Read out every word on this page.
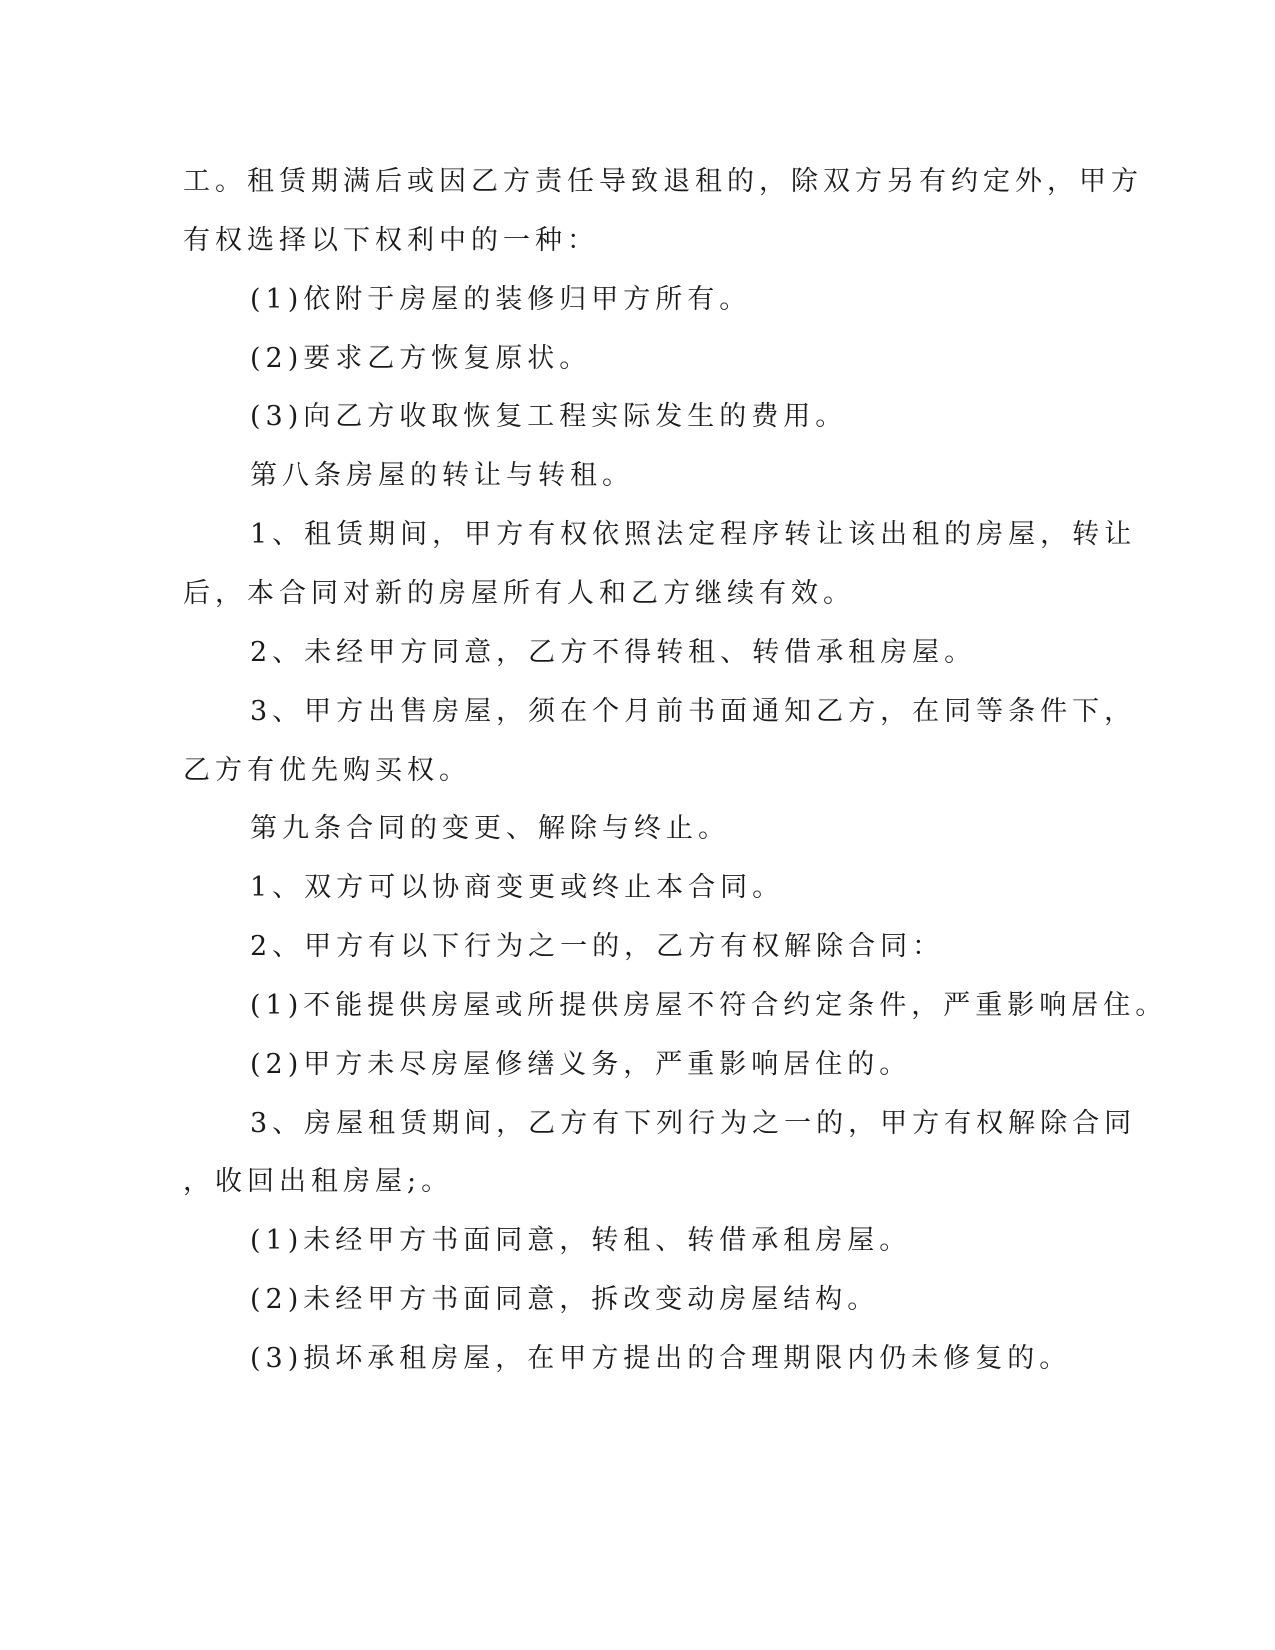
工。租赁期满后或因乙方责任导致退租的，除双方另有约定外，甲方
有权选择以下权利中的一种：
(1)依附于房屋的装修归甲方所有。
(2)要求乙方恢复原状。
(3)向乙方收取恢复工程实际发生的费用。
第八条房屋的转让与转租。
1、租赁期间，甲方有权依照法定程序转让该出租的房屋，转让
后，本合同对新的房屋所有人和乙方继续有效。
2、未经甲方同意，乙方不得转租、转借承租房屋。
3、甲方出售房屋，须在个月前书面通知乙方，在同等条件下，
乙方有优先购买权。
第九条合同的变更、解除与终止。
1、双方可以协商变更或终止本合同。
2、甲方有以下行为之一的，乙方有权解除合同：
(1)不能提供房屋或所提供房屋不符合约定条件，严重影响居住。
(2)甲方未尽房屋修缮义务，严重影响居住的。
3、房屋租赁期间，乙方有下列行为之一的，甲方有权解除合同
，收回出租房屋;。
(1)未经甲方书面同意，转租、转借承租房屋。
(2)未经甲方书面同意，拆改变动房屋结构。
(3)损坏承租房屋，在甲方提出的合理期限内仍未修复的。
